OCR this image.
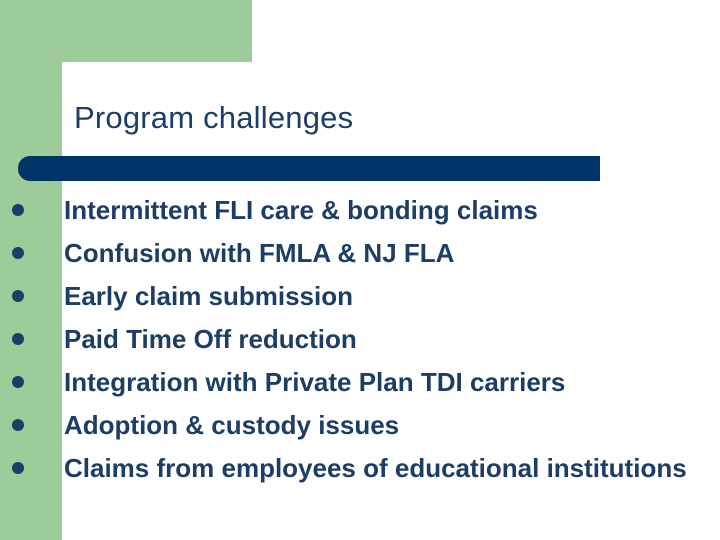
Program challenges
Intermittent FLI care & bonding claims
Confusion with FMLA & NJ FLA
Early claim submission
Paid Time Off reduction
Integration with Private Plan TDI carriers
Adoption & custody issues
Claims from employees of educational institutions
